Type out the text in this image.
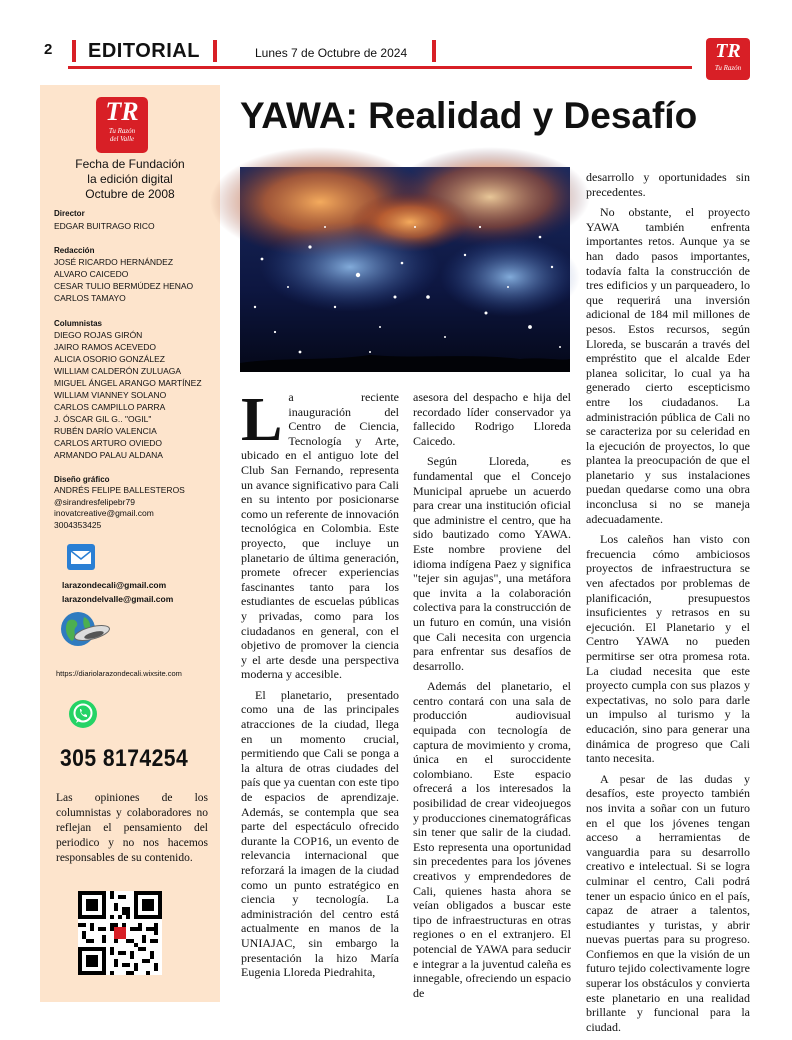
2 EDITORIAL	Lunes 7 de Octubre de 2024	TR
Tu Razón
TR
Tu Razón
del Valle
Fecha de Fundación
la edición digital
Octubre de 2008
Director
EDGAR BUITRAGO RICO
Redacción
JOSÉ RICARDO HERNÁNDEZ
ALVARO CAICEDO
CESAR TULIO BERMÚDEZ HENAO
CARLOS TAMAYO
Columnistas
DIEGO ROJAS GIRÓN
JAIRO RAMOS ACEVEDO
ALICIA OSORIO GONZÁLEZ
WILLIAM CALDERÓN ZULUAGA
MIGUEL ÁNGEL ARANGO MARTÍNEZ
WILLIAM VIANNEY SOLANO
CARLOS CAMPILLO PARRA
J. ÓSCAR GIL G.. "OGIL"
RUBÉN DARÍO VALENCIA
CARLOS ARTURO OVIEDO
ARMANDO PALAU ALDANA
Diseño gráfico
ANDRÉS FELIPE BALLESTEROS
@sirandresfelipebr79
inovatcreative@gmail.com
3004353425
larazondecali@gmail.com
larazondelvalle@gmail.com
https://diariolarazondecali.wixsite.com
305 8174254
Las opiniones de los columnistas y colaboradores no reflejan el pensamiento del periodico y no nos hacemos responsables de su contenido.
YAWA: Realidad y Desafío

La reciente inauguración del Centro de Ciencia, Tecnología y Arte, ubicado en el antiguo lote del Club San Fernando, representa un avance significativo para Cali en su intento por posicionarse como un referente de innovación tecnológica en Colombia. Este proyecto, que incluye un planetario de última generación, promete ofrecer experiencias fascinantes tanto para los estudiantes de escuelas públicas y privadas, como para los ciudadanos en general, con el objetivo de promover la ciencia y el arte desde una perspectiva moderna y accesible.

El planetario, presentado como una de las principales atracciones de la ciudad, llega en un momento crucial, permitiendo que Cali se ponga a la altura de otras ciudades del país que ya cuentan con este tipo de espacios de aprendizaje. Además, se contempla que sea parte del espectáculo ofrecido durante la COP16, un evento de relevancia internacional que reforzará la imagen de la ciudad como un punto estratégico en ciencia y tecnología. La administración del centro está actualmente en manos de la UNIAJAC, sin embargo la presentación la hizo María Eugenia Lloreda Piedrahita,

asesora del despacho e hija del recordado líder conservador ya fallecido Rodrigo Lloreda Caicedo.

Según Lloreda, es fundamental que el Concejo Municipal apruebe un acuerdo para crear una institución oficial que administre el centro, que ha sido bautizado como YAWA. Este nombre proviene del idioma indígena Paez y significa "tejer sin agujas", una metáfora que invita a la colaboración colectiva para la construcción de un futuro en común, una visión que Cali necesita con urgencia para enfrentar sus desafíos de desarrollo.

Además del planetario, el centro contará con una sala de producción audiovisual equipada con tecnología de captura de movimiento y croma, única en el suroccidente colombiano. Este espacio ofrecerá a los interesados la posibilidad de crear videojuegos y producciones cinematográficas sin tener que salir de la ciudad. Esto representa una oportunidad sin precedentes para los jóvenes creativos y emprendedores de Cali, quienes hasta ahora se veían obligados a buscar este tipo de infraestructuras en otras regiones o en el extranjero. El potencial de YAWA para seducir e integrar a la juventud caleña es innegable, ofreciendo un espacio de

desarrollo y oportunidades sin precedentes.

No obstante, el proyecto YAWA también enfrenta importantes retos. Aunque ya se han dado pasos importantes, todavía falta la construcción de tres edificios y un parqueadero, lo que requerirá una inversión adicional de 184 mil millones de pesos. Estos recursos, según Lloreda, se buscarán a través del empréstito que el alcalde Eder planea solicitar, lo cual ya ha generado cierto escepticismo entre los ciudadanos. La administración pública de Cali no se caracteriza por su celeridad en la ejecución de proyectos, lo que plantea la preocupación de que el planetario y sus instalaciones puedan quedarse como una obra inconclusa si no se maneja adecuadamente.

Los caleños han visto con frecuencia cómo ambiciosos proyectos de infraestructura se ven afectados por problemas de planificación, presupuestos insuficientes y retrasos en su ejecución. El Planetario y el Centro YAWA no pueden permitirse ser otra promesa rota. La ciudad necesita que este proyecto cumpla con sus plazos y expectativas, no solo para darle un impulso al turismo y la educación, sino para generar una dinámica de progreso que Cali tanto necesita.

A pesar de las dudas y desafíos, este proyecto también nos invita a soñar con un futuro en el que los jóvenes tengan acceso a herramientas de vanguardia para su desarrollo creativo e intelectual. Si se logra culminar el centro, Cali podrá tener un espacio único en el país, capaz de atraer a talentos, estudiantes y turistas, y abrir nuevas puertas para su progreso. Confiemos en que la visión de un futuro tejido colectivamente logre superar los obstáculos y convierta este planetario en una realidad brillante y funcional para la ciudad.
